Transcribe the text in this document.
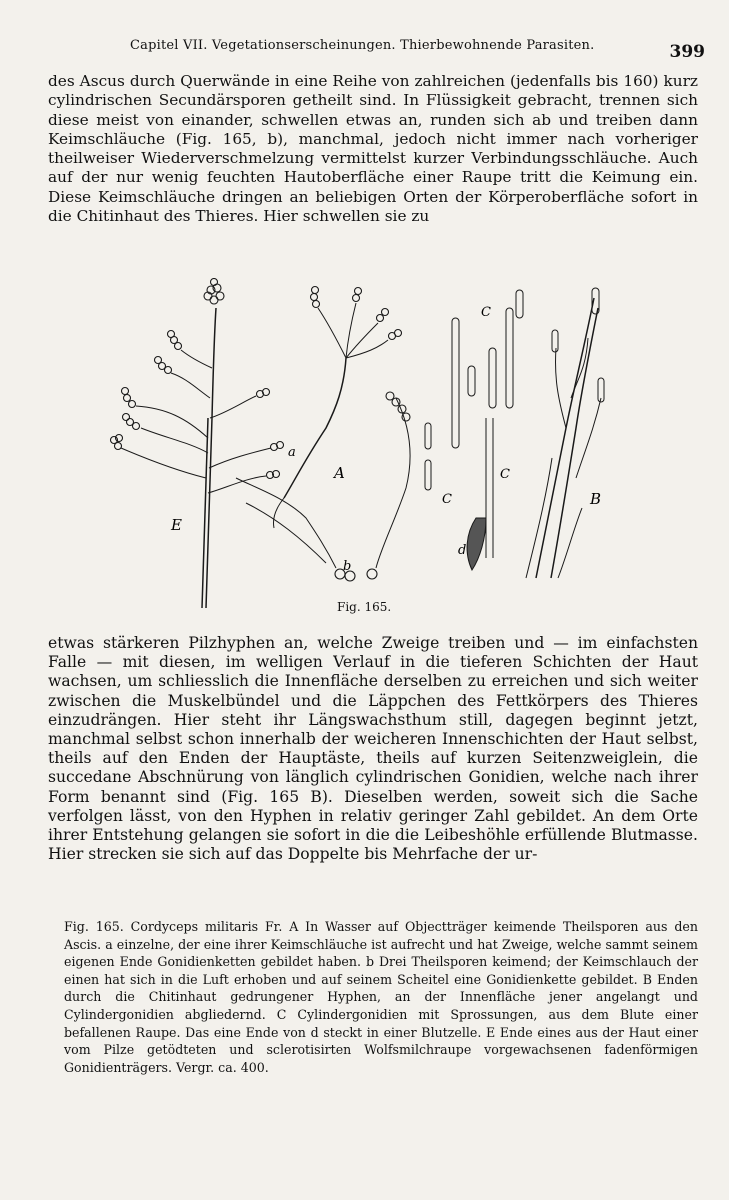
Capitel VII. Vegetationserscheinungen. Thierbewohnende Parasiten.	399

des Ascus durch Querwände in eine Reihe von zahlreichen (jedenfalls bis 160) kurz cylindrischen Secundärsporen getheilt sind. In Flüssigkeit gebracht, trennen sich diese meist von einander, schwellen etwas an, runden sich ab und treiben dann Keimschläuche (Fig. 165, b), manchmal, jedoch nicht immer nach vorheriger theilweiser Wiederverschmelzung vermittelst kurzer Verbindungsschläuche. Auch auf der nur wenig feuchten Hautoberfläche einer Raupe tritt die Keimung ein. Diese Keimschläuche dringen an beliebigen Orten der Körperoberfläche sofort in die Chitinhaut des Thieres. Hier schwellen sie zu

E
a
A
b
C
C
C
d
B
Fig. 165.

etwas stärkeren Pilzhyphen an, welche Zweige treiben und — im einfachsten Falle — mit diesen, im welligen Verlauf in die tieferen Schichten der Haut wachsen, um schliesslich die Innenfläche derselben zu erreichen und sich weiter zwischen die Muskelbündel und die Läppchen des Fettkörpers des Thieres einzudrängen. Hier steht ihr Längswachsthum still, dagegen beginnt jetzt, manchmal selbst schon innerhalb der weicheren Innenschichten der Haut selbst, theils auf den Enden der Hauptäste, theils auf kurzen Seitenzweiglein, die succedane Abschnürung von länglich cylindrischen Gonidien, welche nach ihrer Form benannt sind (Fig. 165 B). Dieselben werden, soweit sich die Sache verfolgen lässt, von den Hyphen in relativ geringer Zahl gebildet. An dem Orte ihrer Entstehung gelangen sie sofort in die die Leibeshöhle erfüllende Blutmasse. Hier strecken sie sich auf das Doppelte bis Mehrfache der ur-

Fig. 165. Cordyceps militaris Fr. A In Wasser auf Objectträger keimende Theilsporen aus den Ascis. a einzelne, der eine ihrer Keimschläuche ist aufrecht und hat Zweige, welche sammt seinem eigenen Ende Gonidienketten gebildet haben. b Drei Theilsporen keimend; der Keimschlauch der einen hat sich in die Luft erhoben und auf seinem Scheitel eine Gonidienkette gebildet. B Enden durch die Chitinhaut gedrungener Hyphen, an der Innenfläche jener angelangt und Cylindergonidien abgliedernd. C Cylindergonidien mit Sprossungen, aus dem Blute einer befallenen Raupe. Das eine Ende von d steckt in einer Blutzelle. E Ende eines aus der Haut einer vom Pilze getödteten und sclerotisirten Wolfsmilchraupe vorgewachsenen fadenförmigen Gonidienträgers. Vergr. ca. 400.
